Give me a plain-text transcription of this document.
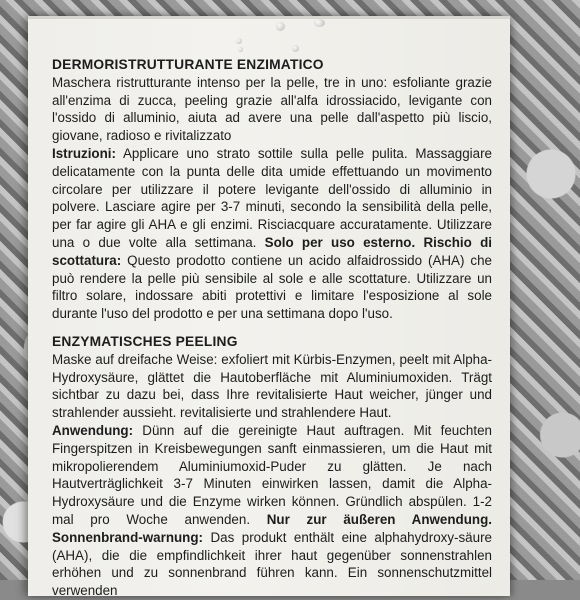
DERMORISTRUTTURANTE ENZIMATICO

Maschera ristrutturante intenso per la pelle, tre in uno: esfoliante grazie all'enzima di zucca, peeling grazie all'alfa idrossiacido, levigante con l'ossido di alluminio, aiuta ad avere una pelle dall'aspetto più liscio, giovane, radioso e rivitalizzato

Istruzioni: Applicare uno strato sottile sulla pelle pulita. Massaggiare delicatamente con la punta delle dita umide effettuando un movimento circolare per utilizzare il potere levigante dell'ossido di alluminio in polvere. Lasciare agire per 3-7 minuti, secondo la sensibilità della pelle, per far agire gli AHA e gli enzimi. Risciacquare accuratamente. Utilizzare una o due volte alla settimana. Solo per uso esterno. Rischio di scottatura: Questo prodotto contiene un acido alfaidrossido (AHA) che può rendere la pelle più sensibile al sole e alle scottature. Utilizzare un filtro solare, indossare abiti protettivi e limitare l'esposizione al sole durante l'uso del prodotto e per una settimana dopo l'uso.

ENZYMATISCHES PEELING

Maske auf dreifache Weise: exfoliert mit Kürbis-Enzymen, peelt mit Alpha-Hydroxysäure, glättet die Hautoberfläche mit Aluminiumoxiden. Trägt sichtbar zu dazu bei, dass Ihre revitalisierte Haut weicher, jünger und strahlender aussieht. revitalisierte und strahlendere Haut.

Anwendung: Dünn auf die gereinigte Haut auftragen. Mit feuchten Fingerspitzen in Kreisbewegungen sanft einmassieren, um die Haut mit mikropolierendem Aluminiumoxid-Puder zu glätten. Je nach Hautverträglichkeit 3-7 Minuten einwirken lassen, damit die Alpha-Hydroxysäure und die Enzyme wirken können. Gründlich abspülen. 1-2 mal pro Woche anwenden. Nur zur äußeren Anwendung. Sonnenbrand-warnung: Das produkt enthält eine alphahydroxy-säure (AHA), die die empfindlichkeit ihrer haut gegenüber sonnenstrahlen erhöhen und zu sonnenbrand führen kann. Ein sonnenschutzmittel verwenden
